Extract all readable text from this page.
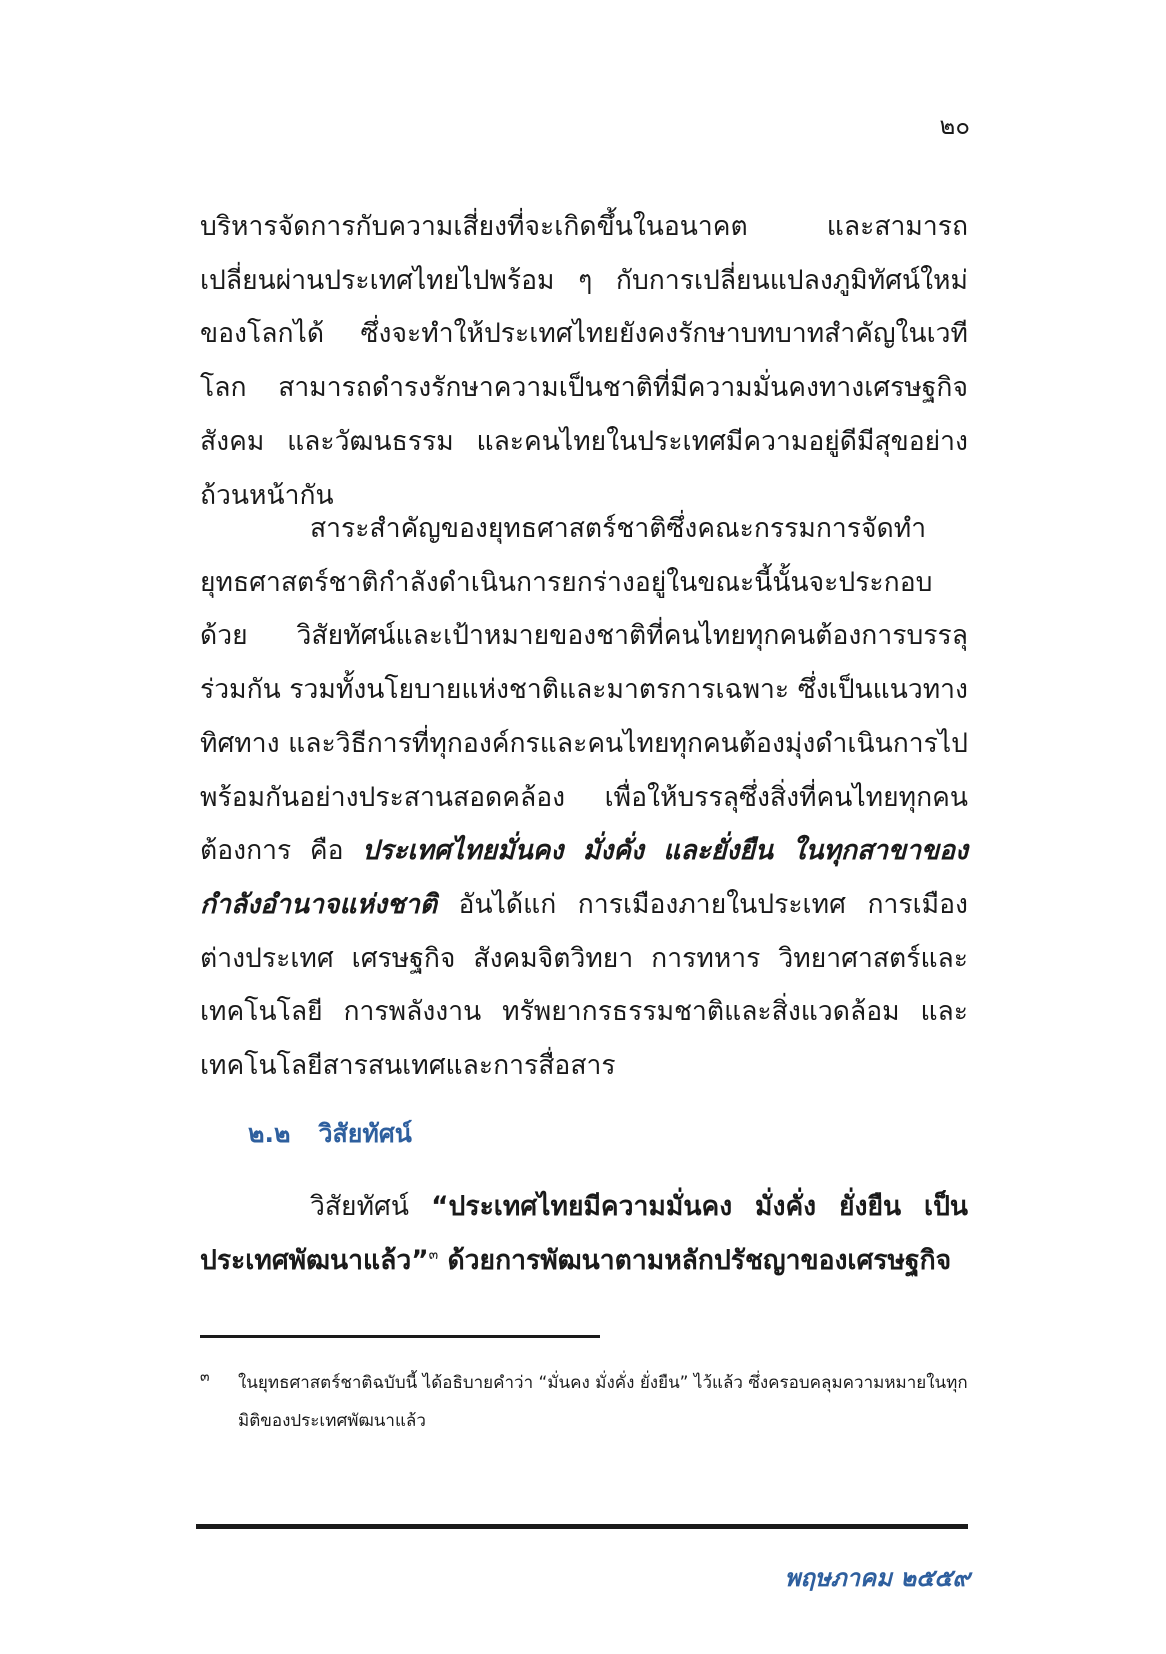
๒๐

บริหารจัดการกับความเสี่ยงที่จะเกิดขึ้นในอนาคต และสามารถเปลี่ยนผ่านประเทศไทยไปพร้อม ๆ กับการเปลี่ยนแปลงภูมิทัศน์ใหม่ของโลกได้ ซึ่งจะทำให้ประเทศไทยยังคงรักษาบทบาทสำคัญในเวทีโลก สามารถดำรงรักษาความเป็นชาติที่มีความมั่นคงทางเศรษฐกิจ สังคม และวัฒนธรรม และคนไทยในประเทศมีความอยู่ดีมีสุขอย่างถ้วนหน้ากัน

สาระสำคัญของยุทธศาสตร์ชาติซึ่งคณะกรรมการจัดทำยุทธศาสตร์ชาติกำลังดำเนินการยกร่างอยู่ในขณะนี้นั้นจะประกอบด้วย วิสัยทัศน์และเป้าหมายของชาติที่คนไทยทุกคนต้องการบรรลุร่วมกัน รวมทั้งนโยบายแห่งชาติและมาตรการเฉพาะ ซึ่งเป็นแนวทาง ทิศทาง และวิธีการที่ทุกองค์กรและคนไทยทุกคนต้องมุ่งดำเนินการไปพร้อมกันอย่างประสานสอดคล้อง เพื่อให้บรรลุซึ่งสิ่งที่คนไทยทุกคนต้องการ คือ ประเทศไทยมั่นคง มั่งคั่ง และยั่งยืน ในทุกสาขาของกำลังอำนาจแห่งชาติ อันได้แก่ การเมืองภายในประเทศ การเมืองต่างประเทศ เศรษฐกิจ สังคมจิตวิทยา การทหาร วิทยาศาสตร์และเทคโนโลยี การพลังงาน ทรัพยากรธรรมชาติและสิ่งแวดล้อม และเทคโนโลยีสารสนเทศและการสื่อสาร

๒.๒ วิสัยทัศน์

วิสัยทัศน์ “ประเทศไทยมีความมั่นคง มั่งคั่ง ยั่งยืน เป็นประเทศพัฒนาแล้ว”$^๓$ ด้วยการพัฒนาตามหลักปรัชญาของเศรษฐกิจ

๓ ในยุทธศาสตร์ชาติฉบับนี้ ได้อธิบายคำว่า “มั่นคง มั่งคั่ง ยั่งยืน” ไว้แล้ว ซึ่งครอบคลุมความหมายในทุกมิติของประเทศพัฒนาแล้ว
พฤษภาคม ๒๕๕๙
